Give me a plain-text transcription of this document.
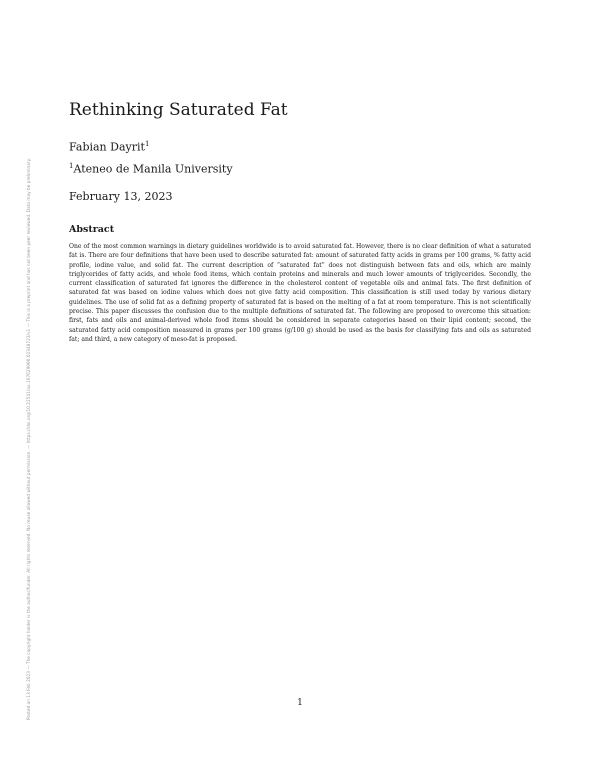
Posted on 13 Feb 2023 — The copyright holder is the author/funder. All rights reserved. No reuse allowed without permission. — https://doi.org/10.22541/au.167629990.02348723/v1 — This is a preprint and has not been peer reviewed. Data may be preliminary.
Rethinking Saturated Fat
Fabian Dayrit$^1$
$^1$Ateneo de Manila University
February 13, 2023
Abstract
One of the most common warnings in dietary guidelines worldwide is to avoid saturated fat. However, there is no clear definition of what a saturated fat is. There are four definitions that have been used to describe saturated fat: amount of saturated fatty acids in grams per 100 grams, % fatty acid profile, iodine value, and solid fat. The current description of “saturated fat” does not distinguish between fats and oils, which are mainly triglycerides of fatty acids, and whole food items, which contain proteins and minerals and much lower amounts of triglycerides. Secondly, the current classification of saturated fat ignores the difference in the cholesterol content of vegetable oils and animal fats. The first definition of saturated fat was based on iodine values which does not give fatty acid composition. This classification is still used today by various dietary guidelines. The use of solid fat as a defining property of saturated fat is based on the melting of a fat at room temperature. This is not scientifically precise. This paper discusses the confusion due to the multiple definitions of saturated fat. The following are proposed to overcome this situation: first, fats and oils and animal-derived whole food items should be considered in separate categories based on their lipid content; second, the saturated fatty acid composition measured in grams per 100 grams (g/100 g) should be used as the basis for classifying fats and oils as saturated fat; and third, a new category of meso-fat is proposed.
1
